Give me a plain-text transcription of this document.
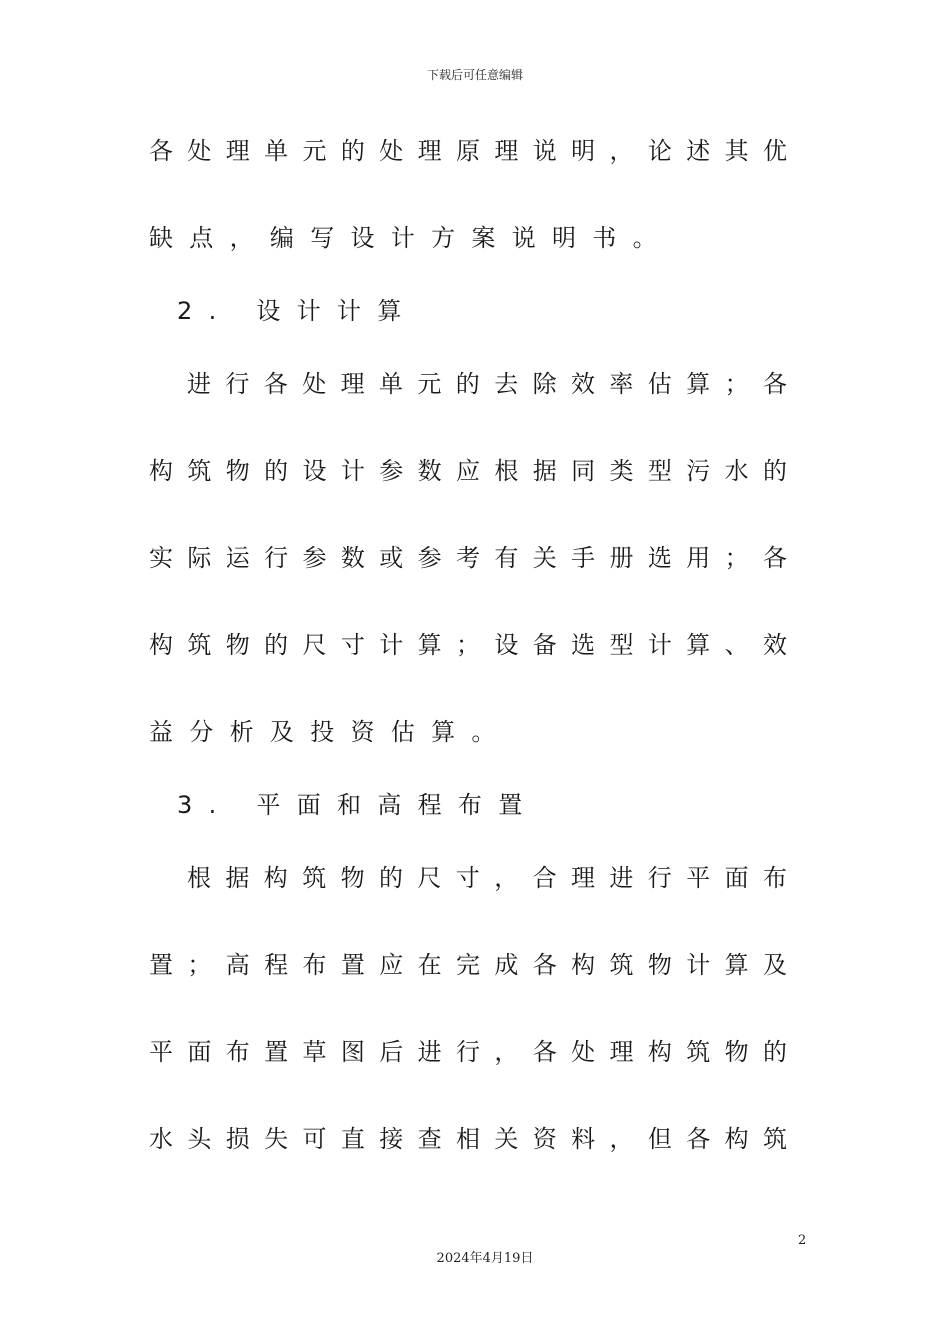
下载后可任意编辑
各处理单元的处理原理说明，论述其优
缺点，编写设计方案说明书。
2. 设计计算
进行各处理单元的去除效率估算；各
构筑物的设计参数应根据同类型污水的
实际运行参数或参考有关手册选用；各
构筑物的尺寸计算；设备选型计算、效
益分析及投资估算。
3. 平面和高程布置
根据构筑物的尺寸，合理进行平面布
置；高程布置应在完成各构筑物计算及
平面布置草图后进行，各处理构筑物的
水头损失可直接查相关资料，但各构筑
2
2024年4月19日
